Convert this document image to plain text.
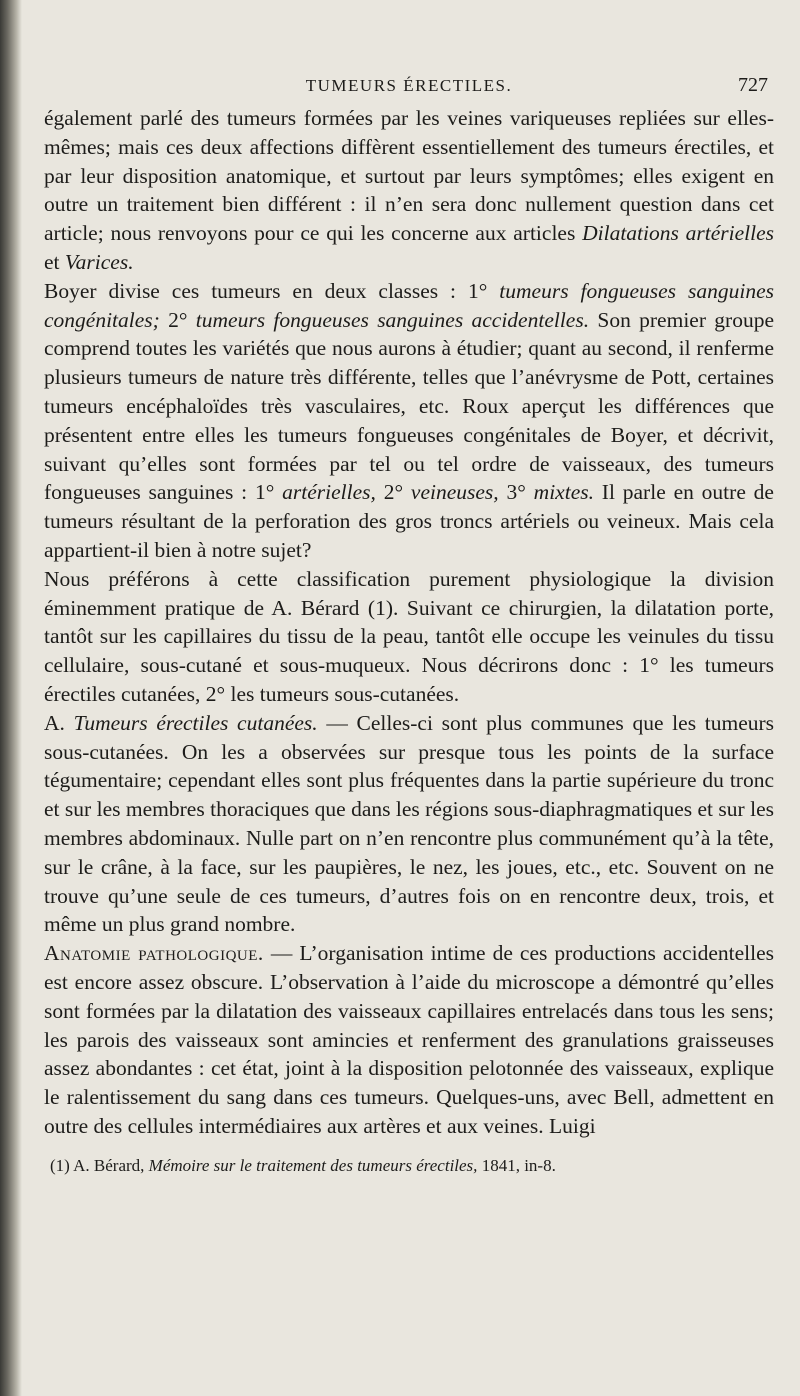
TUMEURS ÉRECTILES.	727

également parlé des tumeurs formées par les veines variqueuses repliées sur elles-mêmes; mais ces deux affections diffèrent essentiellement des tumeurs érectiles, et par leur disposition anatomique, et surtout par leurs symptômes; elles exigent en outre un traitement bien différent : il n’en sera donc nullement question dans cet article; nous renvoyons pour ce qui les concerne aux articles Dilatations artérielles et Varices.

Boyer divise ces tumeurs en deux classes : 1° tumeurs fongueuses sanguines congénitales; 2° tumeurs fongueuses sanguines accidentelles. Son premier groupe comprend toutes les variétés que nous aurons à étudier; quant au second, il renferme plusieurs tumeurs de nature très différente, telles que l’anévrysme de Pott, certaines tumeurs encéphaloïdes très vasculaires, etc. Roux aperçut les différences que présentent entre elles les tumeurs fongueuses congénitales de Boyer, et décrivit, suivant qu’elles sont formées par tel ou tel ordre de vaisseaux, des tumeurs fongueuses sanguines : 1° artérielles, 2° veineuses, 3° mixtes. Il parle en outre de tumeurs résultant de la perforation des gros troncs artériels ou veineux. Mais cela appartient-il bien à notre sujet?

Nous préférons à cette classification purement physiologique la division éminemment pratique de A. Bérard (1). Suivant ce chirurgien, la dilatation porte, tantôt sur les capillaires du tissu de la peau, tantôt elle occupe les veinules du tissu cellulaire, sous-cutané et sous-muqueux. Nous décrirons donc : 1° les tumeurs érectiles cutanées, 2° les tumeurs sous-cutanées.

A. Tumeurs érectiles cutanées. — Celles-ci sont plus communes que les tumeurs sous-cutanées. On les a observées sur presque tous les points de la surface tégumentaire; cependant elles sont plus fréquentes dans la partie supérieure du tronc et sur les membres thoraciques que dans les régions sous-diaphragmatiques et sur les membres abdominaux. Nulle part on n’en rencontre plus communément qu’à la tête, sur le crâne, à la face, sur les paupières, le nez, les joues, etc., etc. Souvent on ne trouve qu’une seule de ces tumeurs, d’autres fois on en rencontre deux, trois, et même un plus grand nombre.

Anatomie pathologique. — L’organisation intime de ces productions accidentelles est encore assez obscure. L’observation à l’aide du microscope a démontré qu’elles sont formées par la dilatation des vaisseaux capillaires entrelacés dans tous les sens; les parois des vaisseaux sont amincies et renferment des granulations graisseuses assez abondantes : cet état, joint à la disposition pelotonnée des vaisseaux, explique le ralentissement du sang dans ces tumeurs. Quelques-uns, avec Bell, admettent en outre des cellules intermédiaires aux artères et aux veines. Luigi

(1) A. Bérard, Mémoire sur le traitement des tumeurs érectiles, 1841, in-8.
